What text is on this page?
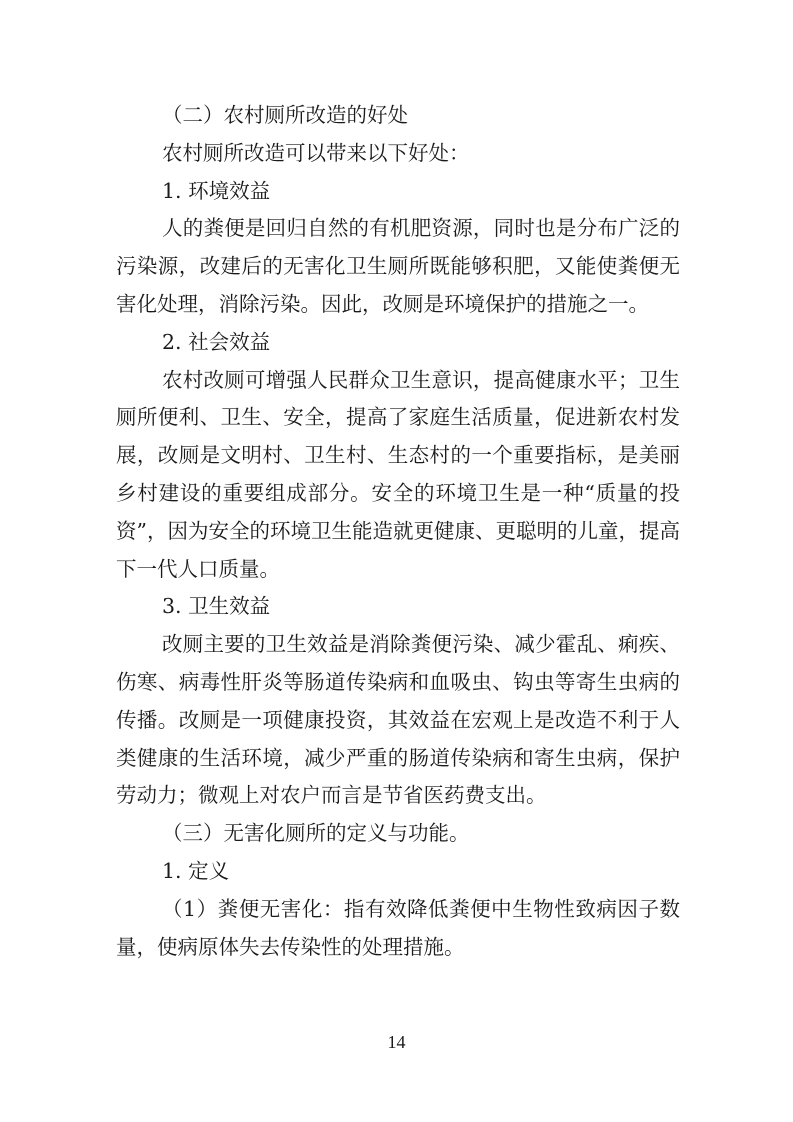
（二）农村厕所改造的好处

农村厕所改造可以带来以下好处：

1. 环境效益

人的粪便是回归自然的有机肥资源，同时也是分布广泛的污染源，改建后的无害化卫生厕所既能够积肥，又能使粪便无害化处理，消除污染。因此，改厕是环境保护的措施之一。

2. 社会效益

农村改厕可增强人民群众卫生意识，提高健康水平；卫生厕所便利、卫生、安全，提高了家庭生活质量，促进新农村发展，改厕是文明村、卫生村、生态村的一个重要指标，是美丽乡村建设的重要组成部分。安全的环境卫生是一种“质量的投资”，因为安全的环境卫生能造就更健康、更聪明的儿童，提高下一代人口质量。

3. 卫生效益

改厕主要的卫生效益是消除粪便污染、减少霍乱、痢疾、伤寒、病毒性肝炎等肠道传染病和血吸虫、钩虫等寄生虫病的传播。改厕是一项健康投资，其效益在宏观上是改造不利于人类健康的生活环境，减少严重的肠道传染病和寄生虫病，保护劳动力；微观上对农户而言是节省医药费支出。

（三）无害化厕所的定义与功能。

1. 定义

（1）粪便无害化：指有效降低粪便中生物性致病因子数量，使病原体失去传染性的处理措施。

14
